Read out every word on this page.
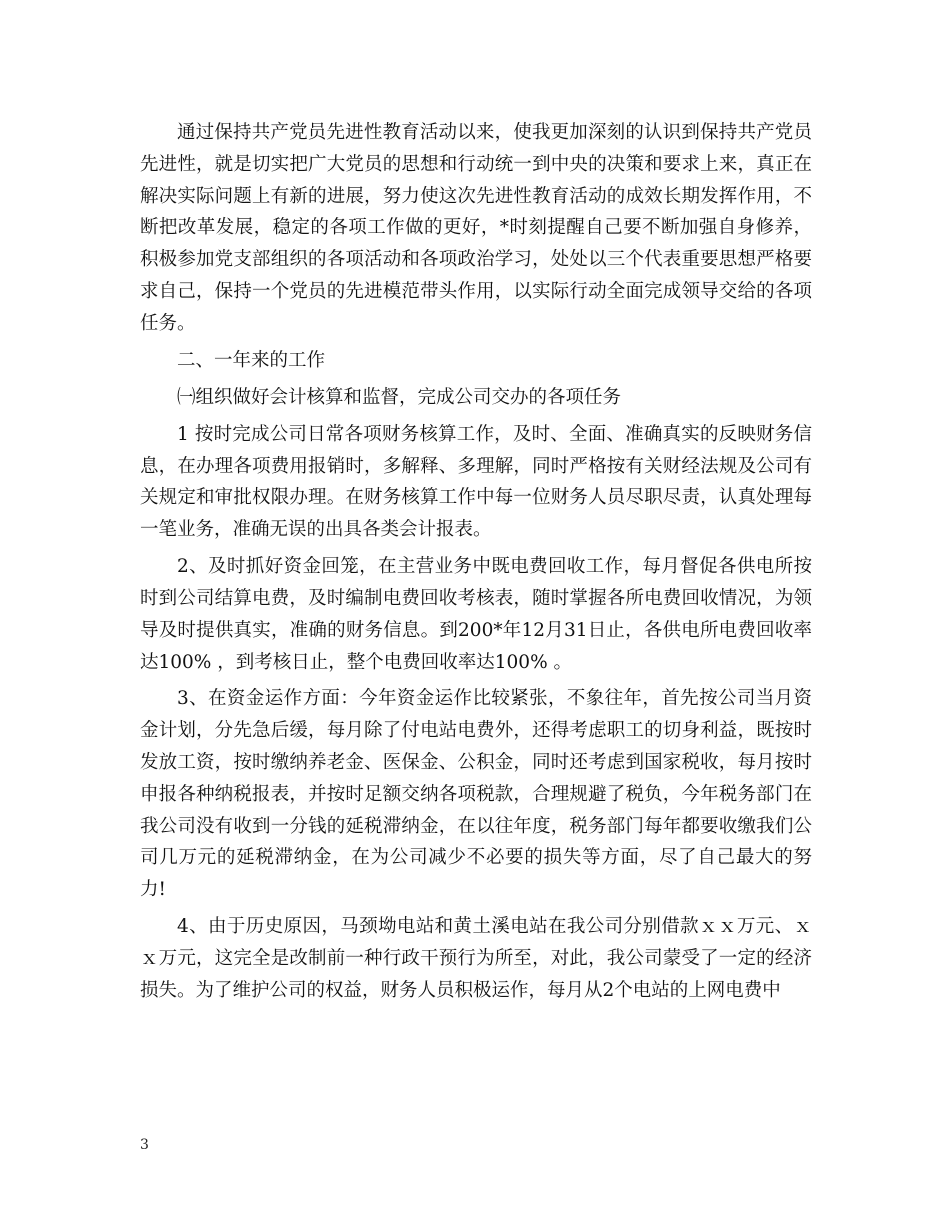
通过保持共产党员先进性教育活动以来，使我更加深刻的认识到保持共产党员先进性，就是切实把广大党员的思想和行动统一到中央的决策和要求上来，真正在解决实际问题上有新的进展，努力使这次先进性教育活动的成效长期发挥作用，不断把改革发展，稳定的各项工作做的更好，*时刻提醒自己要不断加强自身修养，积极参加党支部组织的各项活动和各项政治学习，处处以三个代表重要思想严格要求自己，保持一个党员的先进模范带头作用，以实际行动全面完成领导交给的各项任务。

二、一年来的工作

㈠组织做好会计核算和监督，完成公司交办的各项任务

1 按时完成公司日常各项财务核算工作，及时、全面、准确真实的反映财务信息，在办理各项费用报销时，多解释、多理解，同时严格按有关财经法规及公司有关规定和审批权限办理。在财务核算工作中每一位财务人员尽职尽责，认真处理每一笔业务，准确无误的出具各类会计报表。

2、及时抓好资金回笼，在主营业务中既电费回收工作，每月督促各供电所按时到公司结算电费，及时编制电费回收考核表，随时掌握各所电费回收情况，为领导及时提供真实，准确的财务信息。到200*年12月31日止，各供电所电费回收率达100% ，到考核日止，整个电费回收率达100% 。

3、在资金运作方面：今年资金运作比较紧张，不象往年，首先按公司当月资金计划，分先急后缓，每月除了付电站电费外，还得考虑职工的切身利益，既按时发放工资，按时缴纳养老金、医保金、公积金，同时还考虑到国家税收，每月按时申报各种纳税报表，并按时足额交纳各项税款，合理规避了税负，今年税务部门在我公司没有收到一分钱的延税滞纳金，在以往年度，税务部门每年都要收缴我们公司几万元的延税滞纳金，在为公司减少不必要的损失等方面，尽了自己最大的努力!

4、由于历史原因，马颈坳电站和黄土溪电站在我公司分别借款ｘｘ万元、ｘｘ万元，这完全是改制前一种行政干预行为所至，对此，我公司蒙受了一定的经济损失。为了维护公司的权益，财务人员积极运作，每月从2个电站的上网电费中

3
